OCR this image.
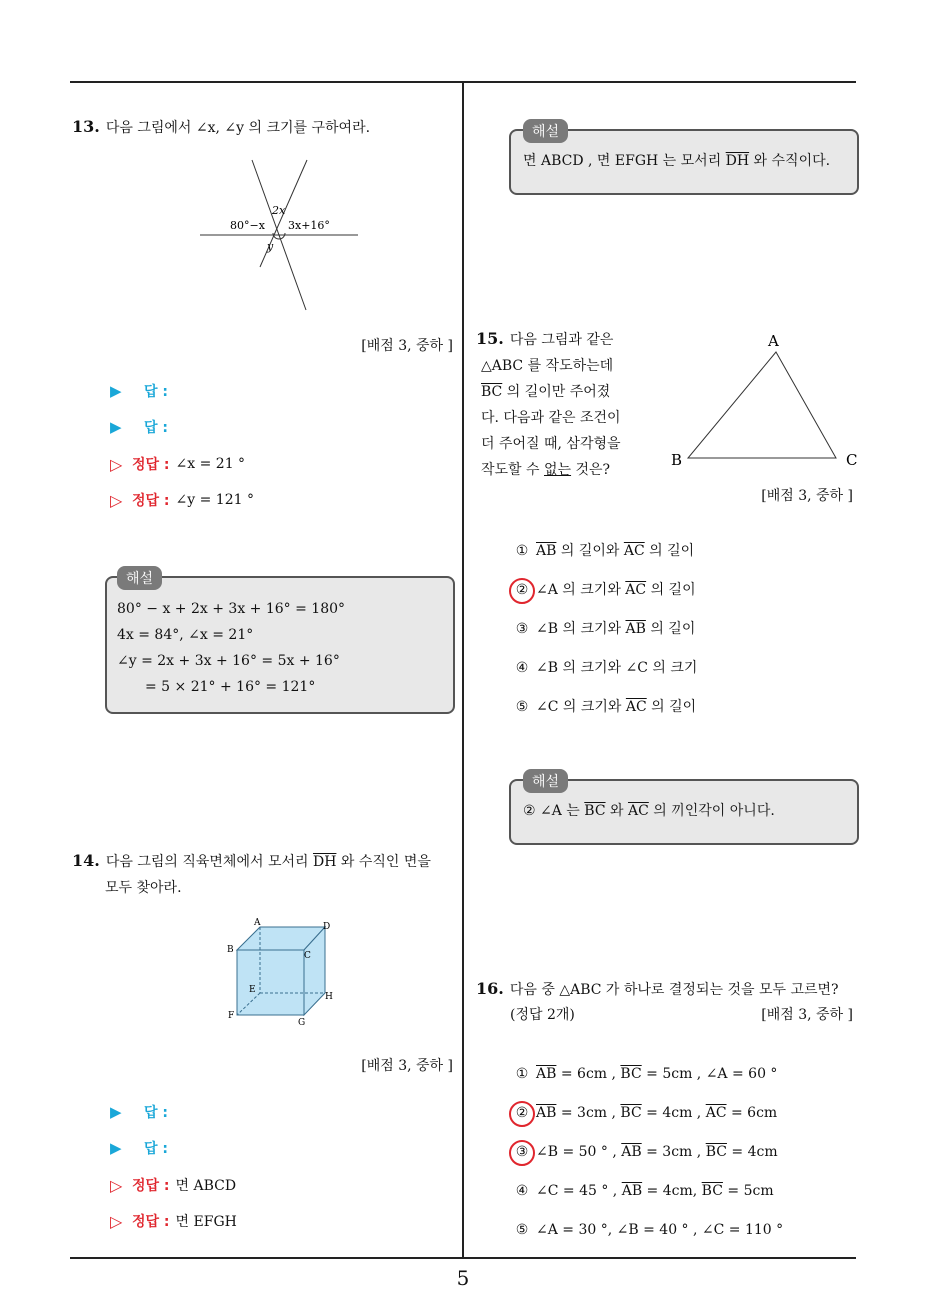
5
13. 다음 그림에서 ∠x, ∠y 의 크기를 구하여라.
2x
80°−x 3x+16°
y
[배점 3, 중하 ]
▶	답 :
▶	답 :
▷ 정답 : ∠x = 21 °
▷ 정답 : ∠y = 121 °
해설
80° − x + 2x + 3x + 16° = 180°
4x = 84°, ∠x = 21°
∠y = 2x + 3x + 16° = 5x + 16°
= 5 × 21° + 16° = 121°
14. 다음 그림의 직육면체에서 모서리 $\overline{DH}$ 와 수직인 면을
모두 찾아라.
A
B
C
D
E
F
G
H
[배점 3, 중하 ]
▶	답 :
▶	답 :
▷ 정답 : 면 ABCD
▷ 정답 : 면 EFGH
해설
면 ABCD , 면 EFGH 는 모서리 $\overline{DH}$ 와 수직이다.
15. 다음 그림과 같은
△ABC 를 작도하는데
$\overline{BC}$ 의 길이만 주어졌
다. 다음과 같은 조건이
더 주어질 때, 삼각형을
작도할 수 없는 것은?
A
B	C
[배점 3, 중하 ]
① $\overline{AB}$ 의 길이와 $\overline{AC}$ 의 길이
② ∠A 의 크기와 $\overline{AC}$ 의 길이
③ ∠B 의 크기와 $\overline{AB}$ 의 길이
④ ∠B 의 크기와 ∠C 의 크기
⑤ ∠C 의 크기와 $\overline{AC}$ 의 길이
해설
② ∠A 는 $\overline{BC}$ 와 $\overline{AC}$ 의 끼인각이 아니다.
16. 다음 중 △ABC 가 하나로 결정되는 것을 모두 고르면?
(정답 2개)	[배점 3, 중하 ]
① $\overline{AB} = 6cm$ , $\overline{BC} = 5cm$ , ∠A = 60 °
② $\overline{AB} = 3cm$ , $\overline{BC} = 4cm$ , $\overline{AC} = 6cm$
③ ∠B = 50 ° , $\overline{AB} = 3cm$ , $\overline{BC} = 4cm$
④ ∠C = 45 ° , $\overline{AB} = 4cm$, $\overline{BC} = 5cm$
⑤ ∠A = 30 °, ∠B = 40 ° , ∠C = 110 °
